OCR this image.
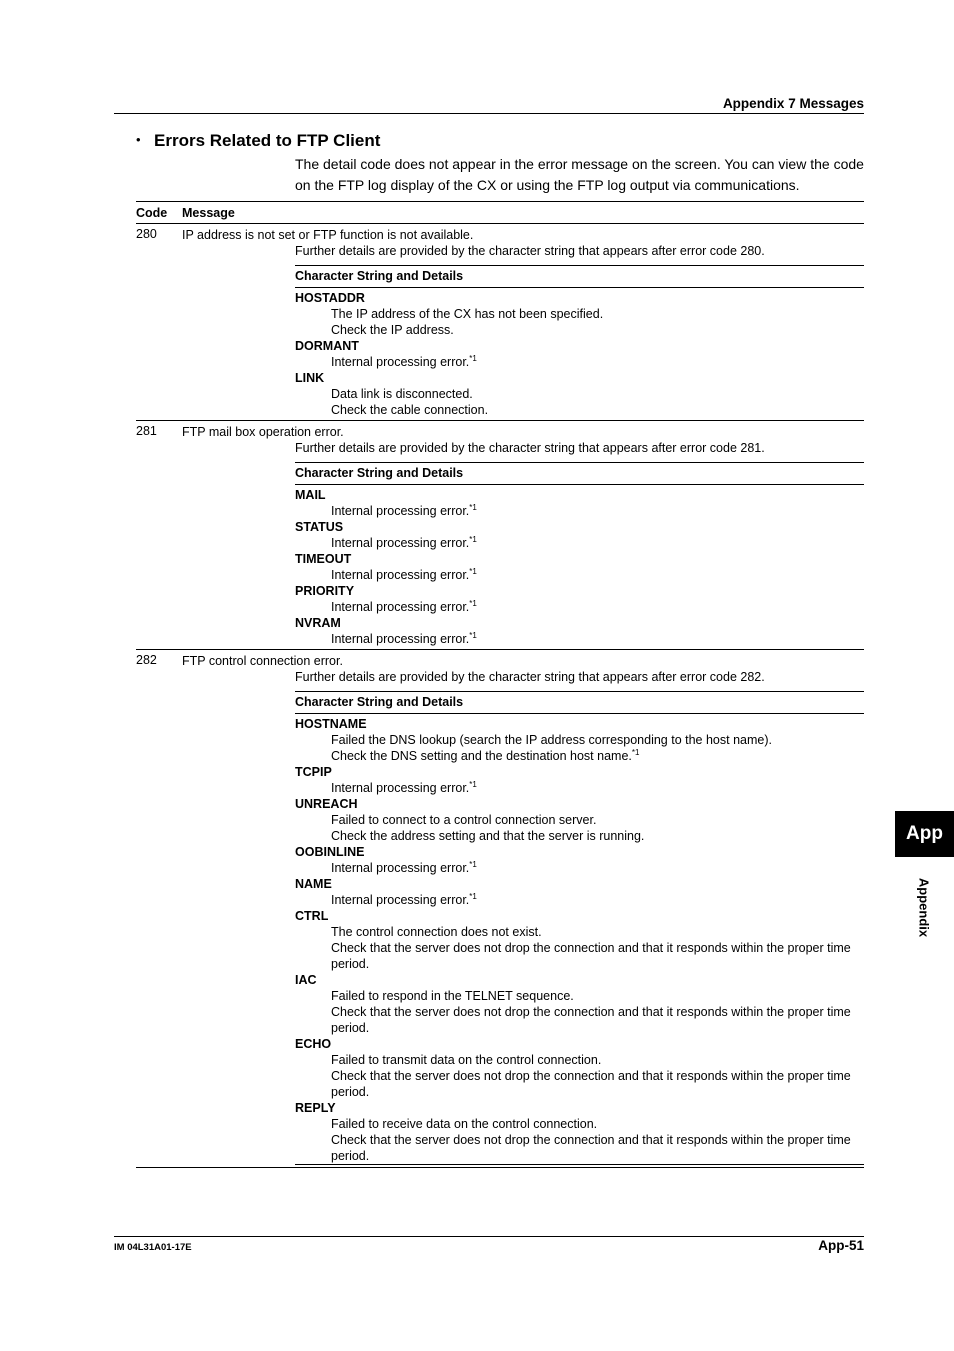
Appendix 7 Messages
• Errors Related to FTP Client
The detail code does not appear in the error message on the screen. You can view the code on the FTP log display of the CX or using the FTP log output via communications.
Code Message
280 IP address is not set or FTP function is not available.
Further details are provided by the character string that appears after error code 280.
Character String and Details
HOSTADDR
The IP address of the CX has not been specified.
Check the IP address.
DORMANT
Internal processing error.$^{*1}$
LINK
Data link is disconnected.
Check the cable connection.
281 FTP mail box operation error.
Further details are provided by the character string that appears after error code 281.
Character String and Details
MAIL
Internal processing error.$^{*1}$
STATUS
Internal processing error.$^{*1}$
TIMEOUT
Internal processing error.$^{*1}$
PRIORITY
Internal processing error.$^{*1}$
NVRAM
Internal processing error.$^{*1}$
282 FTP control connection error.
Further details are provided by the character string that appears after error code 282.
Character String and Details
HOSTNAME
Failed the DNS lookup (search the IP address corresponding to the host name).
Check the DNS setting and the destination host name.$^{*1}$
TCPIP
Internal processing error.$^{*1}$
UNREACH
Failed to connect to a control connection server.
Check the address setting and that the server is running.
OOBINLINE
Internal processing error.$^{*1}$
NAME
Internal processing error.$^{*1}$
CTRL
The control connection does not exist.
Check that the server does not drop the connection and that it responds within the proper time period.
IAC
Failed to respond in the TELNET sequence.
Check that the server does not drop the connection and that it responds within the proper time period.
ECHO
Failed to transmit data on the control connection.
Check that the server does not drop the connection and that it responds within the proper time period.
REPLY
Failed to receive data on the control connection.
Check that the server does not drop the connection and that it responds within the proper time period.
App
Appendix
IM 04L31A01-17E	App-51
